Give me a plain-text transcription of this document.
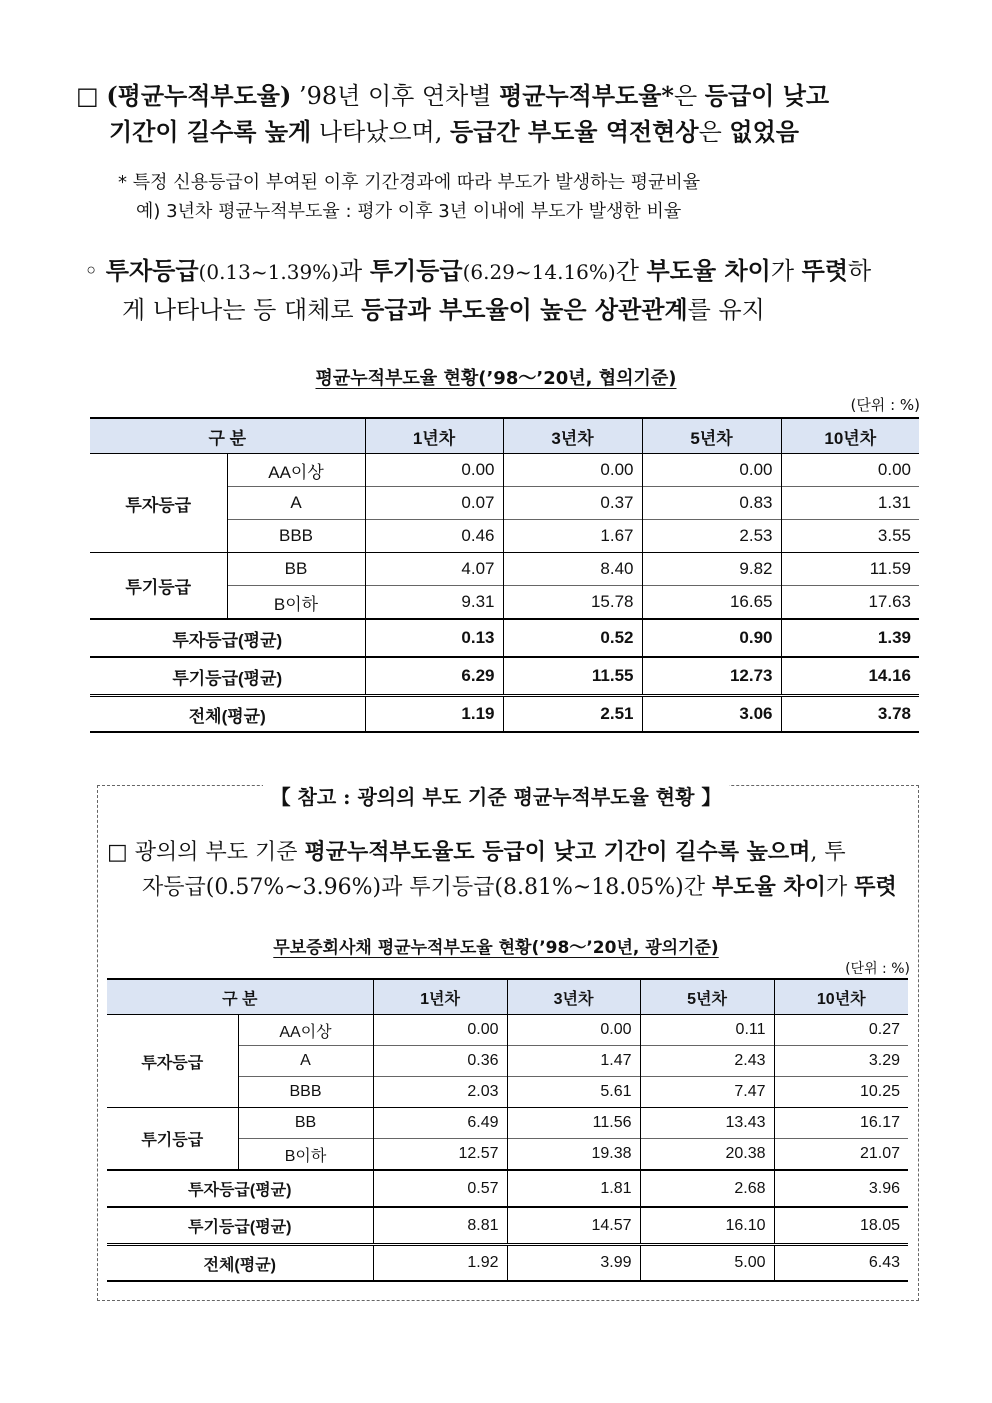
□ (평균누적부도율) ’98년 이후 연차별 평균누적부도율*은 등급이 낮고
기간이 길수록 높게 나타났으며, 등급간 부도율 역전현상은 없었음
* 특정 신용등급이 부여된 이후 기간경과에 따라 부도가 발생하는 평균비율
예) 3년차 평균누적부도율 : 평가 이후 3년 이내에 부도가 발생한 비율
◦ 투자등급(0.13~1.39%)과 투기등급(6.29~14.16%)간 부도율 차이가 뚜렷하
게 나타나는 등 대체로 등급과 부도율이 높은 상관관계를 유지
평균누적부도율 현황(’98～’20년, 협의기준)
(단위 : %)
구 분		1년차	3년차	5년차	10년차
투자등급	AA이상	0.00	0.00	0.00	0.00
	A	0.07	0.37	0.83	1.31
	BBB	0.46	1.67	2.53	3.55
투기등급	BB	4.07	8.40	9.82	11.59
	B이하	9.31	15.78	16.65	17.63
투자등급(평균)		0.13	0.52	0.90	1.39
투기등급(평균)		6.29	11.55	12.73	14.16
전체(평균)		1.19	2.51	3.06	3.78
【 참고 : 광의의 부도 기준 평균누적부도율 현황 】
□ 광의의 부도 기준 평균누적부도율도 등급이 낮고 기간이 길수록 높으며, 투
자등급(0.57%~3.96%)과 투기등급(8.81%~18.05%)간 부도율 차이가 뚜렷
무보증회사채 평균누적부도율 현황(’98～’20년, 광의기준)
(단위 : %)
구 분		1년차	3년차	5년차	10년차
투자등급	AA이상	0.00	0.00	0.11	0.27
	A	0.36	1.47	2.43	3.29
	BBB	2.03	5.61	7.47	10.25
투기등급	BB	6.49	11.56	13.43	16.17
	B이하	12.57	19.38	20.38	21.07
투자등급(평균)		0.57	1.81	2.68	3.96
투기등급(평균)		8.81	14.57	16.10	18.05
전체(평균)		1.92	3.99	5.00	6.43
